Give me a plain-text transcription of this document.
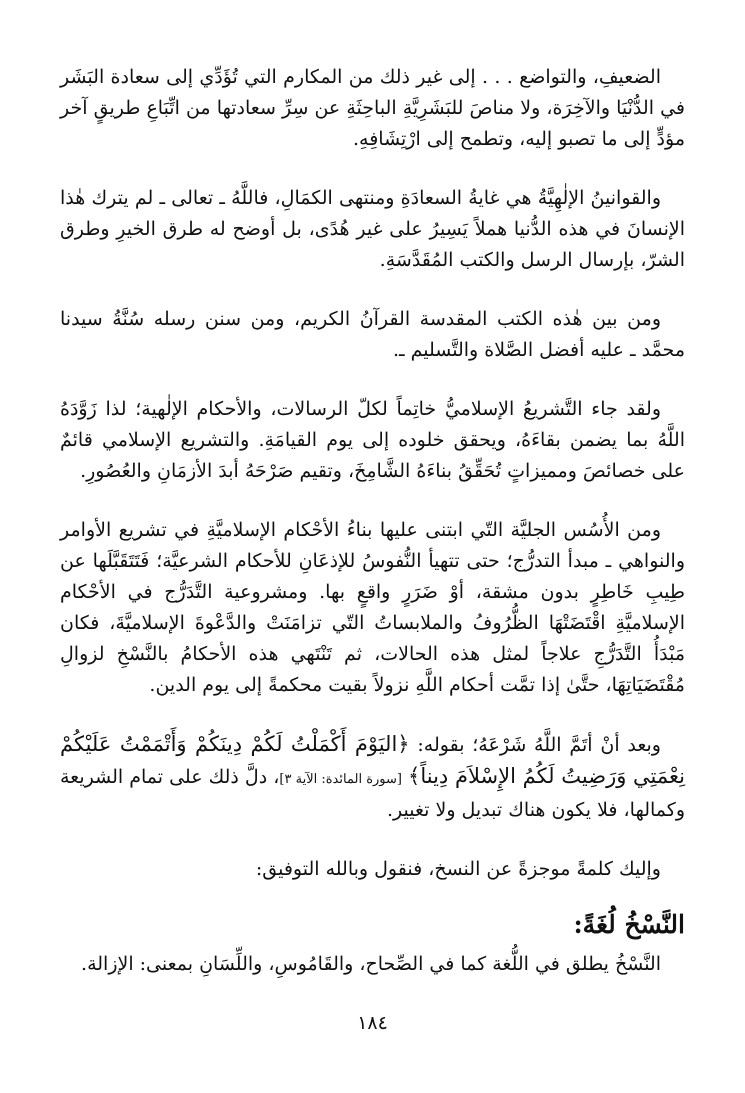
الضعيفِ، والتواضع . . . إلى غير ذلك من المكارم التي تُؤَدِّي إلى سعادة البَشَر في الدُّنْيَا والآخِرَة، ولا مناصَ للبَشَرِيَّةِ الباحِثَةِ عن سِرِّ سعادتها من اتِّبَاعِ طريقٍ آخر مؤدٍّ إلى ما تصبو إليه، وتطمح إلى ارْتِشَافِهِ.

والقوانينُ الإلٰهِيَّةُ هي غايةُ السعادَةِ ومنتهى الكمَالِ، فاللَّهُ ـ تعالى ـ لم يترك هٰذا الإنسانَ في هذه الدُّنيا هملاً يَسِيرُ على غير هُدًى، بل أوضح له طرق الخيرِ وطرق الشرّ، بإرسال الرسل والكتب المُقَدَّسَةِ.

ومن بين هٰذه الكتب المقدسة القرآنُ الكريم، ومن سنن رسله سُنَّةُ سيدنا محمَّد ـ عليه أفضل الصَّلاة والتَّسليم ـ.

ولقد جاء التَّشريعُ الإسلاميُّ خاتِماً لكلّ الرسالات، والأحكام الإلٰهية؛ لذا زَوَّدَهُ اللَّهُ بما يضمن بقاءَهُ، ويحقق خلوده إلى يوم القيامَةِ. والتشريع الإسلامي قائمٌ على خصائصَ ومميزاتٍ تُحَقِّقُ بناءَهُ الشَّامِخَ، وتقيم صَرْحَهُ أبدَ الأزمَانِ والعُصُورِ.

ومن الأُسُس الجليَّة التّي ابتنى عليها بناءُ الأحْكام الإسلاميَّةِ في تشريع الأوامر والنواهي ـ مبدأ التدرُّج؛ حتى تتهيأ النُّفوسُ للإذعَانِ للأحكام الشرعيَّة؛ فَتَتَقَبَّلَها عن طِيبِ خَاطِرٍ بدون مشقة، أوْ ضَرَرٍ واقعٍ بها. ومشروعية التَّدَرُّج في الأحْكام الإسلاميَّةِ اقْتَضَتْهَا الظُّرُوفُ والملابساتُ التّي تزامَنَتْ والدَّعْوةَ الإسلاميَّةَ، فكان مَبْدَأُ التَّدَرُّجِ علاجاً لمثل هذه الحالات، ثم تَنْتَهي هذه الأحكامُ بالنَّسْخِ لزوالِ مُقْتَضَيَاتِهَا، حتَّىٰ إذا تمَّت أحكام اللَّهِ نزولاً بقيت محكمةً إلى يوم الدين.

وبعد أنْ أتَمَّ اللَّهُ شَرْعَهُ؛ بقوله: ﴿اليَوْمَ أَكْمَلْتُ لَكُمْ دِينَكُمْ وَأَتْمَمْتُ عَلَيْكُمْ نِعْمَتِي وَرَضِيتُ لَكُمُ الإِسْلاَمَ دِيناً﴾ [سورة المائدة: الآية ٣]، دلَّ ذلك على تمام الشريعة وكمالها، فلا يكون هناك تبديل ولا تغيير.

وإليك كلمةً موجزةً عن النسخ، فنقول وبالله التوفيق:

النَّسْخُ لُغَةً:

النَّسْخُ يطلق في اللُّغة كما في الصِّحاح، والقَامُوسِ، واللِّسَانِ بمعنى: الإزالة.

١٨٤
